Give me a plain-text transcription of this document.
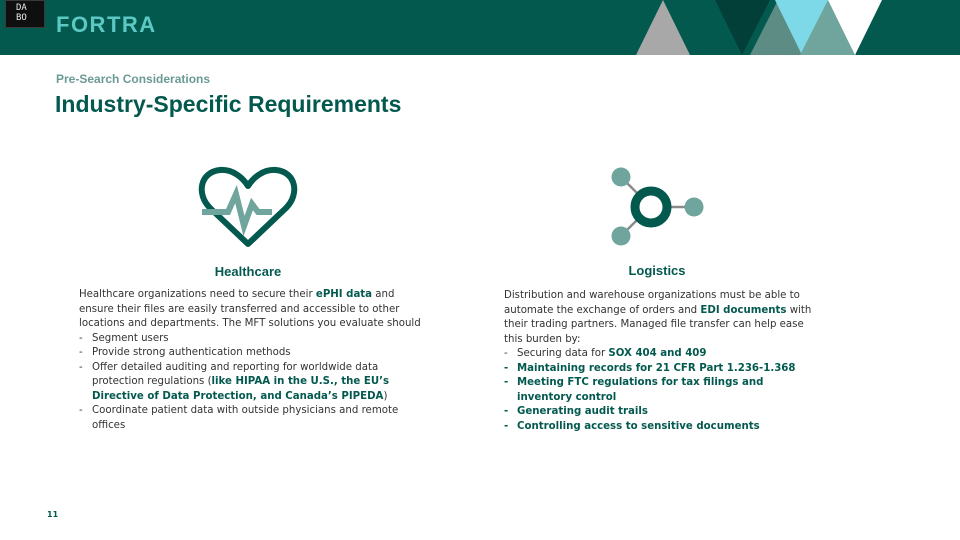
DA
BO FORTRA
Pre-Search Considerations
Industry-Specific Requirements
Healthcare	Logistics

Healthcare organizations need to secure their ePHI data and ensure their files are easily transferred and accessible to other locations and departments. The MFT solutions you evaluate should

- Segment users
- Provide strong authentication methods
- Offer detailed auditing and reporting for worldwide data protection regulations (like HIPAA in the U.S., the EU’s Directive of Data Protection, and Canada’s PIPEDA)
- Coordinate patient data with outside physicians and remote offices

Distribution and warehouse organizations must be able to automate the exchange of orders and EDI documents with their trading partners. Managed file transfer can help ease this burden by:

- Securing data for SOX 404 and 409
- Maintaining records for 21 CFR Part 1.236-1.368
- Meeting FTC regulations for tax filings and inventory control
- Generating audit trails
- Controlling access to sensitive documents
11
